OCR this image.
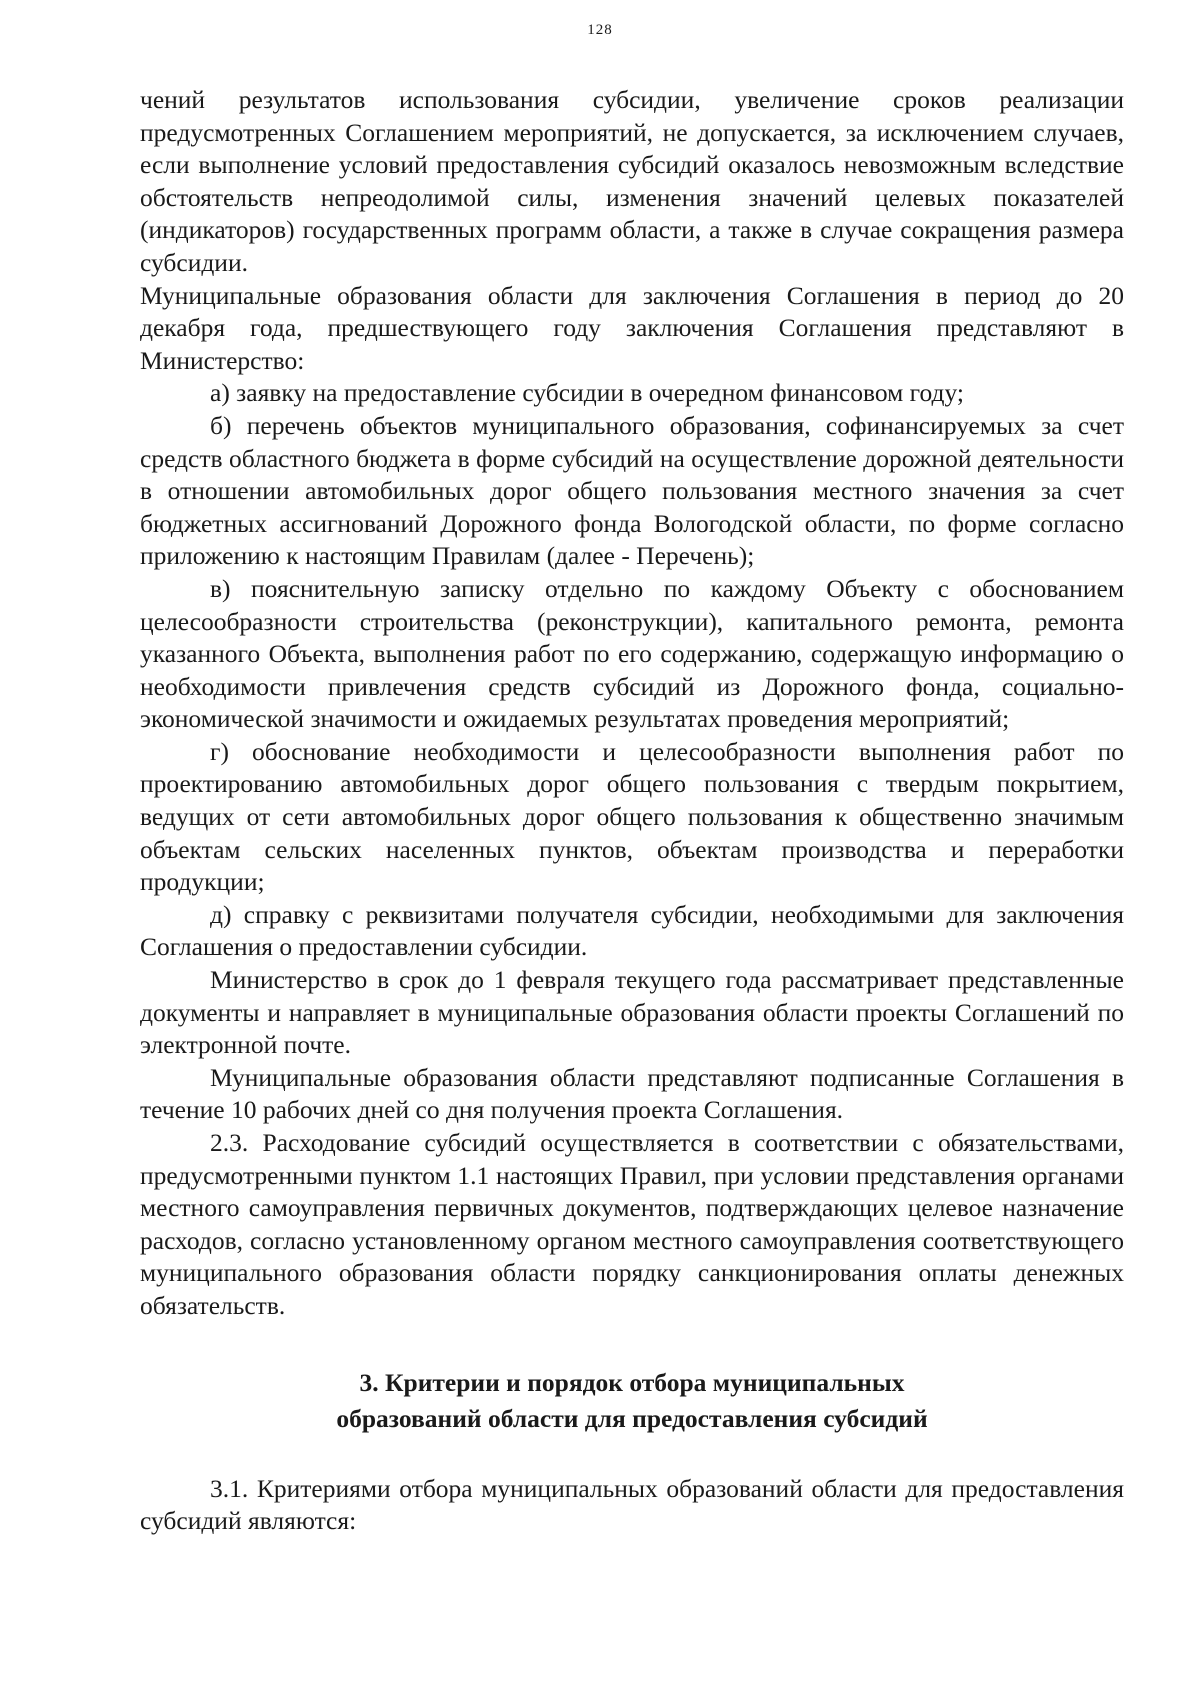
128

чений результатов использования субсидии, увеличение сроков реализации предусмотренных Соглашением мероприятий, не допускается, за исключением случаев, если выполнение условий предоставления субсидий оказалось невозможным вследствие обстоятельств непреодолимой силы, изменения значений целевых показателей (индикаторов) государственных программ области, а также в случае сокращения размера субсидии.

Муниципальные образования области для заключения Соглашения в период до 20 декабря года, предшествующего году заключения Соглашения представляют в Министерство:

а) заявку на предоставление субсидии в очередном финансовом году;

б) перечень объектов муниципального образования, софинансируемых за счет средств областного бюджета в форме субсидий на осуществление дорожной деятельности в отношении автомобильных дорог общего пользования местного значения за счет бюджетных ассигнований Дорожного фонда Вологодской области, по форме согласно приложению к настоящим Правилам (далее - Перечень);

в) пояснительную записку отдельно по каждому Объекту с обоснованием целесообразности строительства (реконструкции), капитального ремонта, ремонта указанного Объекта, выполнения работ по его содержанию, содержащую информацию о необходимости привлечения средств субсидий из Дорожного фонда, социально-экономической значимости и ожидаемых результатах проведения мероприятий;

г) обоснование необходимости и целесообразности выполнения работ по проектированию автомобильных дорог общего пользования с твердым покрытием, ведущих от сети автомобильных дорог общего пользования к общественно значимым объектам сельских населенных пунктов, объектам производства и переработки продукции;

д) справку с реквизитами получателя субсидии, необходимыми для заключения Соглашения о предоставлении субсидии.

Министерство в срок до 1 февраля текущего года рассматривает представленные документы и направляет в муниципальные образования области проекты Соглашений по электронной почте.

Муниципальные образования области представляют подписанные Соглашения в течение 10 рабочих дней со дня получения проекта Соглашения.

2.3. Расходование субсидий осуществляется в соответствии с обязательствами, предусмотренными пунктом 1.1 настоящих Правил, при условии представления органами местного самоуправления первичных документов, подтверждающих целевое назначение расходов, согласно установленному органом местного самоуправления соответствующего муниципального образования области порядку санкционирования оплаты денежных обязательств.

3. Критерии и порядок отбора муниципальных
образований области для предоставления субсидий

3.1. Критериями отбора муниципальных образований области для предоставления субсидий являются:
